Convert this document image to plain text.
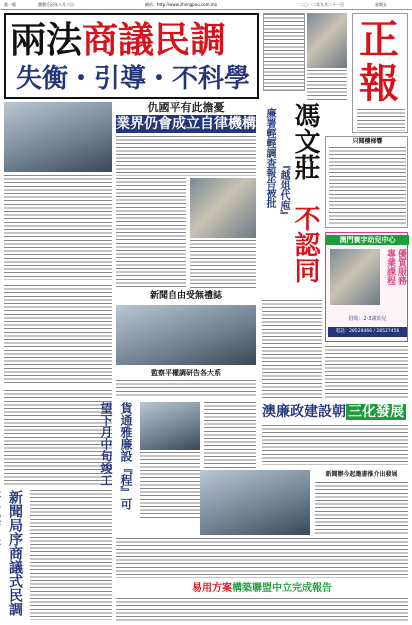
第一版	農曆壬辰年八月六日	網站：http://www.zhengpou.com.mo	二〇一二年九月二十一日	星期五
兩法商議民調
失衡・引導・不科學
正
報
新聞局序商議式民調
仇國平有此擔憂
業界仍會成立自律機構
新聞自由受無禮誌
監察平權調研告各大系
廉署輕輕調查報告被批 『越俎代庖』
馮文莊
不認同
只聞樓梯響
澳門寰字幼兒中心
專業課程 優質服務
招收：2-3歲幼兒
電話：28528466 / 28527456
貨通雅廉設『程』可望下月中旬竣工	澳廉政建設朝 三化發展
新聞辦今起邀書推介出發展
易用方案構築聯盟中立完成報告
